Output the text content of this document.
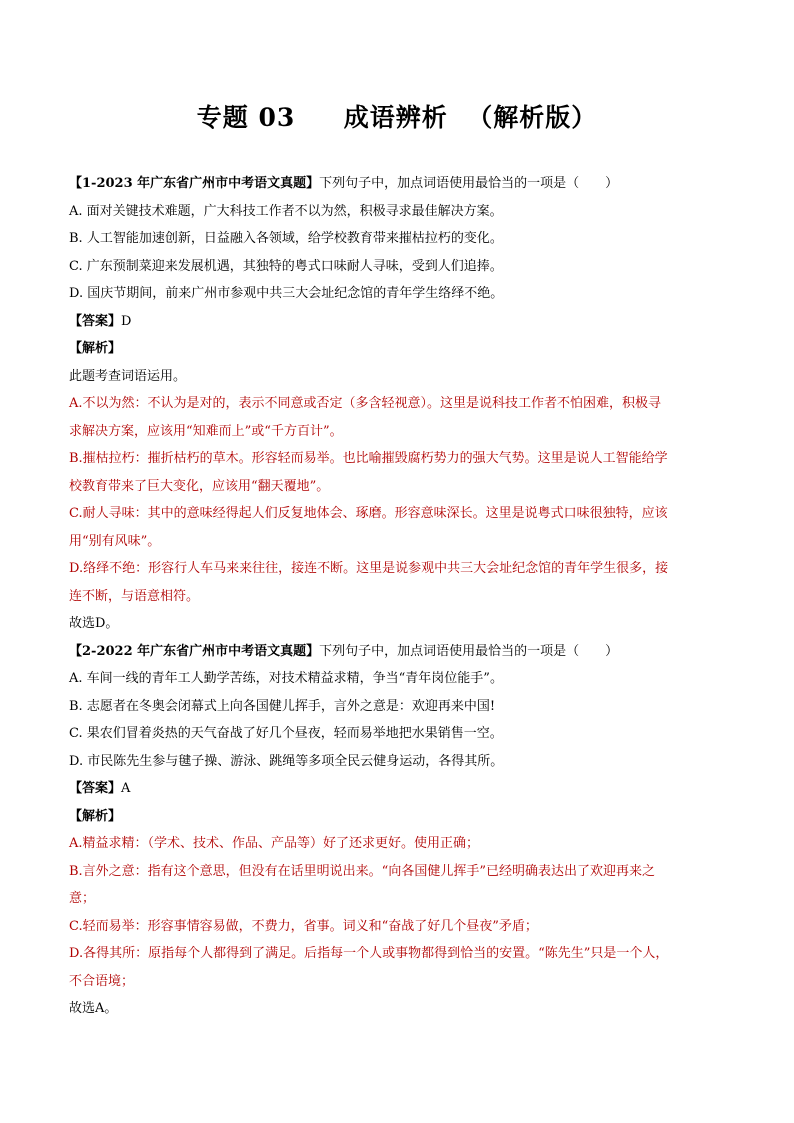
专题 03     成语辨析  （解析版）
【1-2023 年广东省广州市中考语文真题】下列句子中，加点词语使用最恰当的一项是（　　）
A. 面对关键技术难题，广大科技工作者不以为然，积极寻求最佳解决方案。
B. 人工智能加速创新，日益融入各领域，给学校教育带来摧枯拉朽的变化。
C. 广东预制菜迎来发展机遇，其独特的粤式口味耐人寻味，受到人们追捧。
D. 国庆节期间，前来广州市参观中共三大会址纪念馆的青年学生络绎不绝。
【答案】D
【解析】
此题考查词语运用。
A.不以为然：不认为是对的，表示不同意或否定（多含轻视意）。这里是说科技工作者不怕困难，积极寻
求解决方案，应该用“知难而上”或“千方百计”。
B.摧枯拉朽：摧折枯朽的草木。形容轻而易举。也比喻摧毁腐朽势力的强大气势。这里是说人工智能给学
校教育带来了巨大变化，应该用“翻天覆地”。
C.耐人寻味：其中的意味经得起人们反复地体会、琢磨。形容意味深长。这里是说粤式口味很独特，应该
用“别有风味”。
D.络绎不绝：形容行人车马来来往往，接连不断。这里是说参观中共三大会址纪念馆的青年学生很多，接
连不断，与语意相符。
故选D。
【2-2022 年广东省广州市中考语文真题】下列句子中，加点词语使用最恰当的一项是（　　）
A. 车间一线的青年工人勤学苦练，对技术精益求精，争当“青年岗位能手”。
B. 志愿者在冬奥会闭幕式上向各国健儿挥手，言外之意是：欢迎再来中国!
C. 果农们冒着炎热的天气奋战了好几个昼夜，轻而易举地把水果销售一空。
D. 市民陈先生参与毽子操、游泳、跳绳等多项全民云健身运动，各得其所。
【答案】A
【解析】
A.精益求精：（学术、技术、作品、产品等）好了还求更好。使用正确；
B.言外之意：指有这个意思，但没有在话里明说出来。“向各国健儿挥手”已经明确表达出了欢迎再来之
意；
C.轻而易举：形容事情容易做，不费力，省事。词义和“奋战了好几个昼夜”矛盾；
D.各得其所：原指每个人都得到了满足。后指每一个人或事物都得到恰当的安置。“陈先生”只是一个人，
不合语境；
故选A。
